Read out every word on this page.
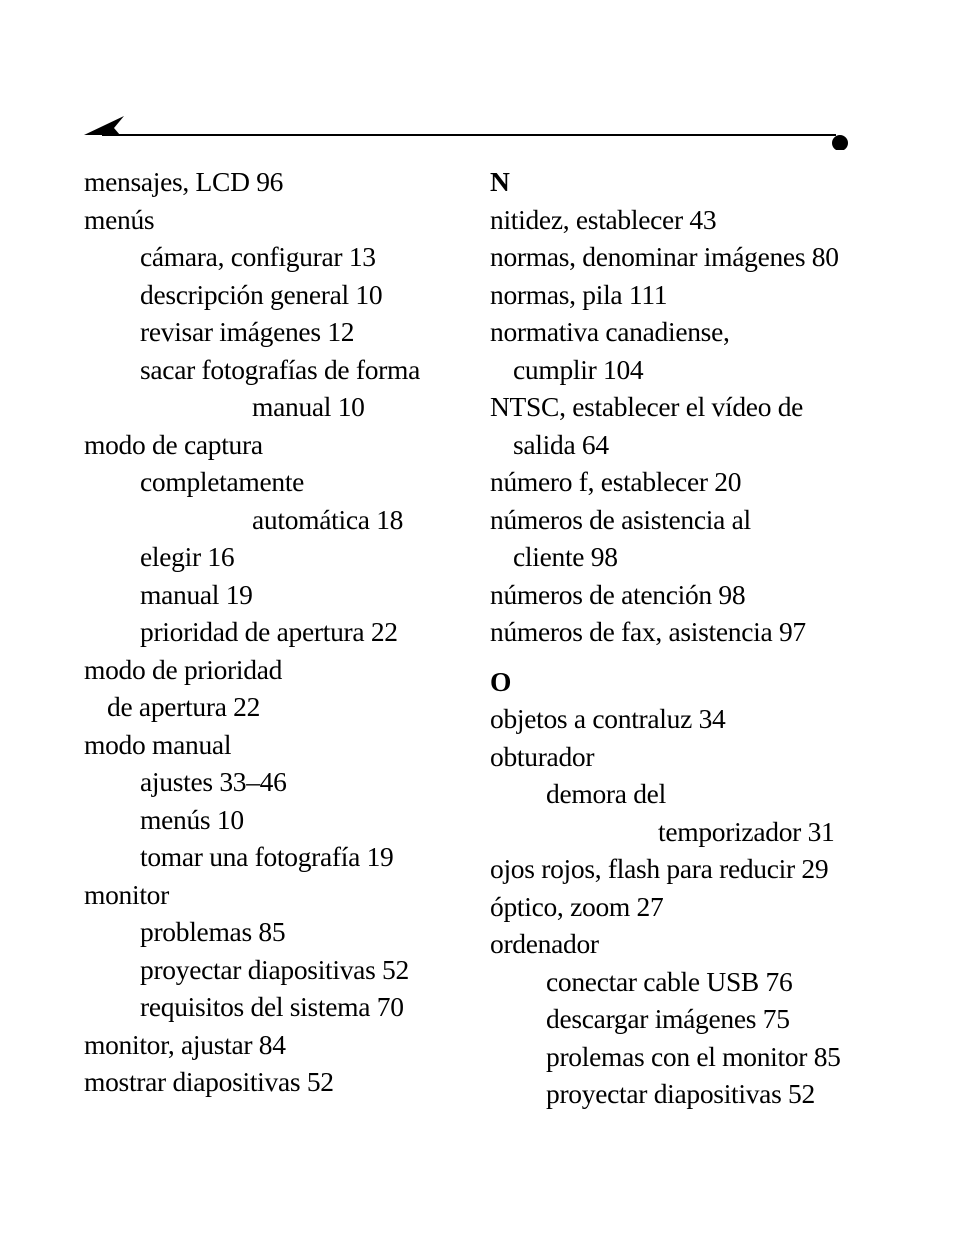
mensajes, LCD 96
menús
cámara, configurar 13
descripción general 10
revisar imágenes 12
sacar fotografías de forma
manual 10
modo de captura
completamente
automática 18
elegir 16
manual 19
prioridad de apertura 22
modo de prioridad
de apertura 22
modo manual
ajustes 33–46
menús 10
tomar una fotografía 19
monitor
problemas 85
proyectar diapositivas 52
requisitos del sistema 70
monitor, ajustar 84
mostrar diapositivas 52
N
nitidez, establecer 43
normas, denominar imágenes 80
normas, pila 111
normativa canadiense,
cumplir 104
NTSC, establecer el vídeo de
salida 64
número f, establecer 20
números de asistencia al
cliente 98
números de atención 98
números de fax, asistencia 97
O
objetos a contraluz 34
obturador
demora del
temporizador 31
ojos rojos, flash para reducir 29
óptico, zoom 27
ordenador
conectar cable USB 76
descargar imágenes 75
prolemas con el monitor 85
proyectar diapositivas 52
